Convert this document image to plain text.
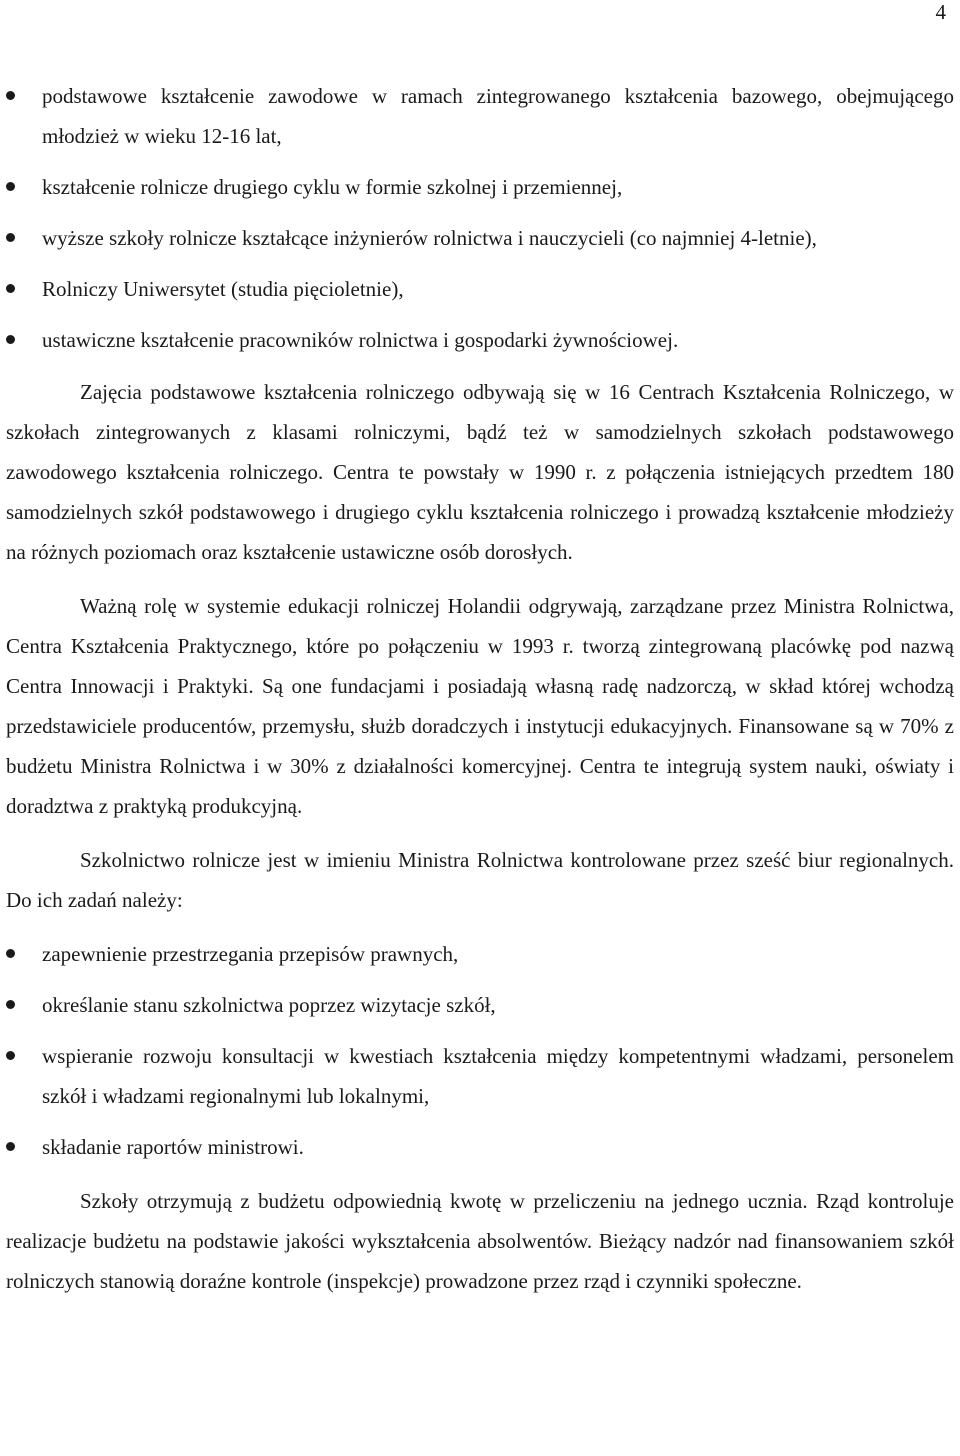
4
podstawowe kształcenie zawodowe w ramach zintegrowanego kształcenia bazowego, obejmującego młodzież w wieku 12-16 lat,
kształcenie rolnicze drugiego cyklu w formie szkolnej i przemiennej,
wyższe szkoły rolnicze kształcące inżynierów rolnictwa i nauczycieli (co najmniej 4-letnie),
Rolniczy Uniwersytet (studia pięcioletnie),
ustawiczne kształcenie pracowników rolnictwa i gospodarki żywnościowej.

Zajęcia podstawowe kształcenia rolniczego odbywają się w 16 Centrach Kształcenia Rolniczego, w szkołach zintegrowanych z klasami rolniczymi, bądź też w samodzielnych szkołach podstawowego zawodowego kształcenia rolniczego. Centra te powstały w 1990 r. z połączenia istniejących przedtem 180 samodzielnych szkół podstawowego i drugiego cyklu kształcenia rolniczego i prowadzą kształcenie młodzieży na różnych poziomach oraz kształcenie ustawiczne osób dorosłych.

Ważną rolę w systemie edukacji rolniczej Holandii odgrywają, zarządzane przez Ministra Rolnictwa, Centra Kształcenia Praktycznego, które po połączeniu w 1993 r. tworzą zintegrowaną placówkę pod nazwą Centra Innowacji i Praktyki. Są one fundacjami i posiadają własną radę nadzorczą, w skład której wchodzą przedstawiciele producentów, przemysłu, służb doradczych i instytucji edukacyjnych. Finansowane są w 70% z budżetu Ministra Rolnictwa i w 30% z działalności komercyjnej. Centra te integrują system nauki, oświaty i doradztwa z praktyką produkcyjną.

Szkolnictwo rolnicze jest w imieniu Ministra Rolnictwa kontrolowane przez sześć biur regionalnych. Do ich zadań należy:

zapewnienie przestrzegania przepisów prawnych,
określanie stanu szkolnictwa poprzez wizytacje szkół,
wspieranie rozwoju konsultacji w kwestiach kształcenia między kompetentnymi władzami, personelem szkół i władzami regionalnymi lub lokalnymi,
składanie raportów ministrowi.

Szkoły otrzymują z budżetu odpowiednią kwotę w przeliczeniu na jednego ucznia. Rząd kontroluje realizacje budżetu na podstawie jakości wykształcenia absolwentów. Bieżący nadzór nad finansowaniem szkół rolniczych stanowią doraźne kontrole (inspekcje) prowadzone przez rząd i czynniki społeczne.
